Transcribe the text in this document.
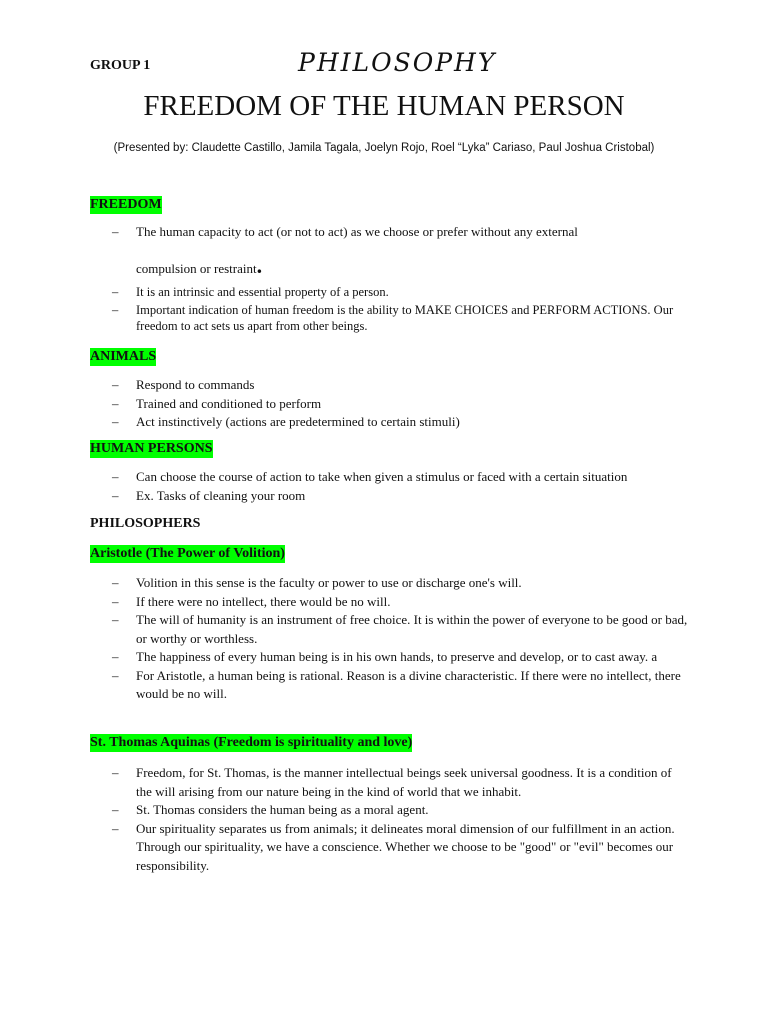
GROUP 1	PHILOSOPHY
FREEDOM OF THE HUMAN PERSON
(Presented by: Claudette Castillo, Jamila Tagala, Joelyn Rojo, Roel “Lyka” Cariaso, Paul Joshua Cristobal)
FREEDOM
– The human capacity to act (or not to act) as we choose or prefer without any external
compulsion or restraint.
– It is an intrinsic and essential property of a person.
– Important indication of human freedom is the ability to MAKE CHOICES and PERFORM ACTIONS. Our freedom to act sets us apart from other beings.
ANIMALS
– Respond to commands
– Trained and conditioned to perform
– Act instinctively (actions are predetermined to certain stimuli)
HUMAN PERSONS
– Can choose the course of action to take when given a stimulus or faced with a certain situation
– Ex. Tasks of cleaning your room
PHILOSOPHERS
Aristotle (The Power of Volition)
– Volition in this sense is the faculty or power to use or discharge one's will.
– If there were no intellect, there would be no will.
– The will of humanity is an instrument of free choice. It is within the power of everyone to be good or bad, or worthy or worthless.
– The happiness of every human being is in his own hands, to preserve and develop, or to cast away. a
– For Aristotle, a human being is rational. Reason is a divine characteristic. If there were no intellect, there would be no will.
St. Thomas Aquinas (Freedom is spirituality and love)
– Freedom, for St. Thomas, is the manner intellectual beings seek universal goodness. It is a condition of the will arising from our nature being in the kind of world that we inhabit.
– St. Thomas considers the human being as a moral agent.
– Our spirituality separates us from animals; it delineates moral dimension of our fulfillment in an action. Through our spirituality, we have a conscience. Whether we choose to be "good" or "evil" becomes our responsibility.
